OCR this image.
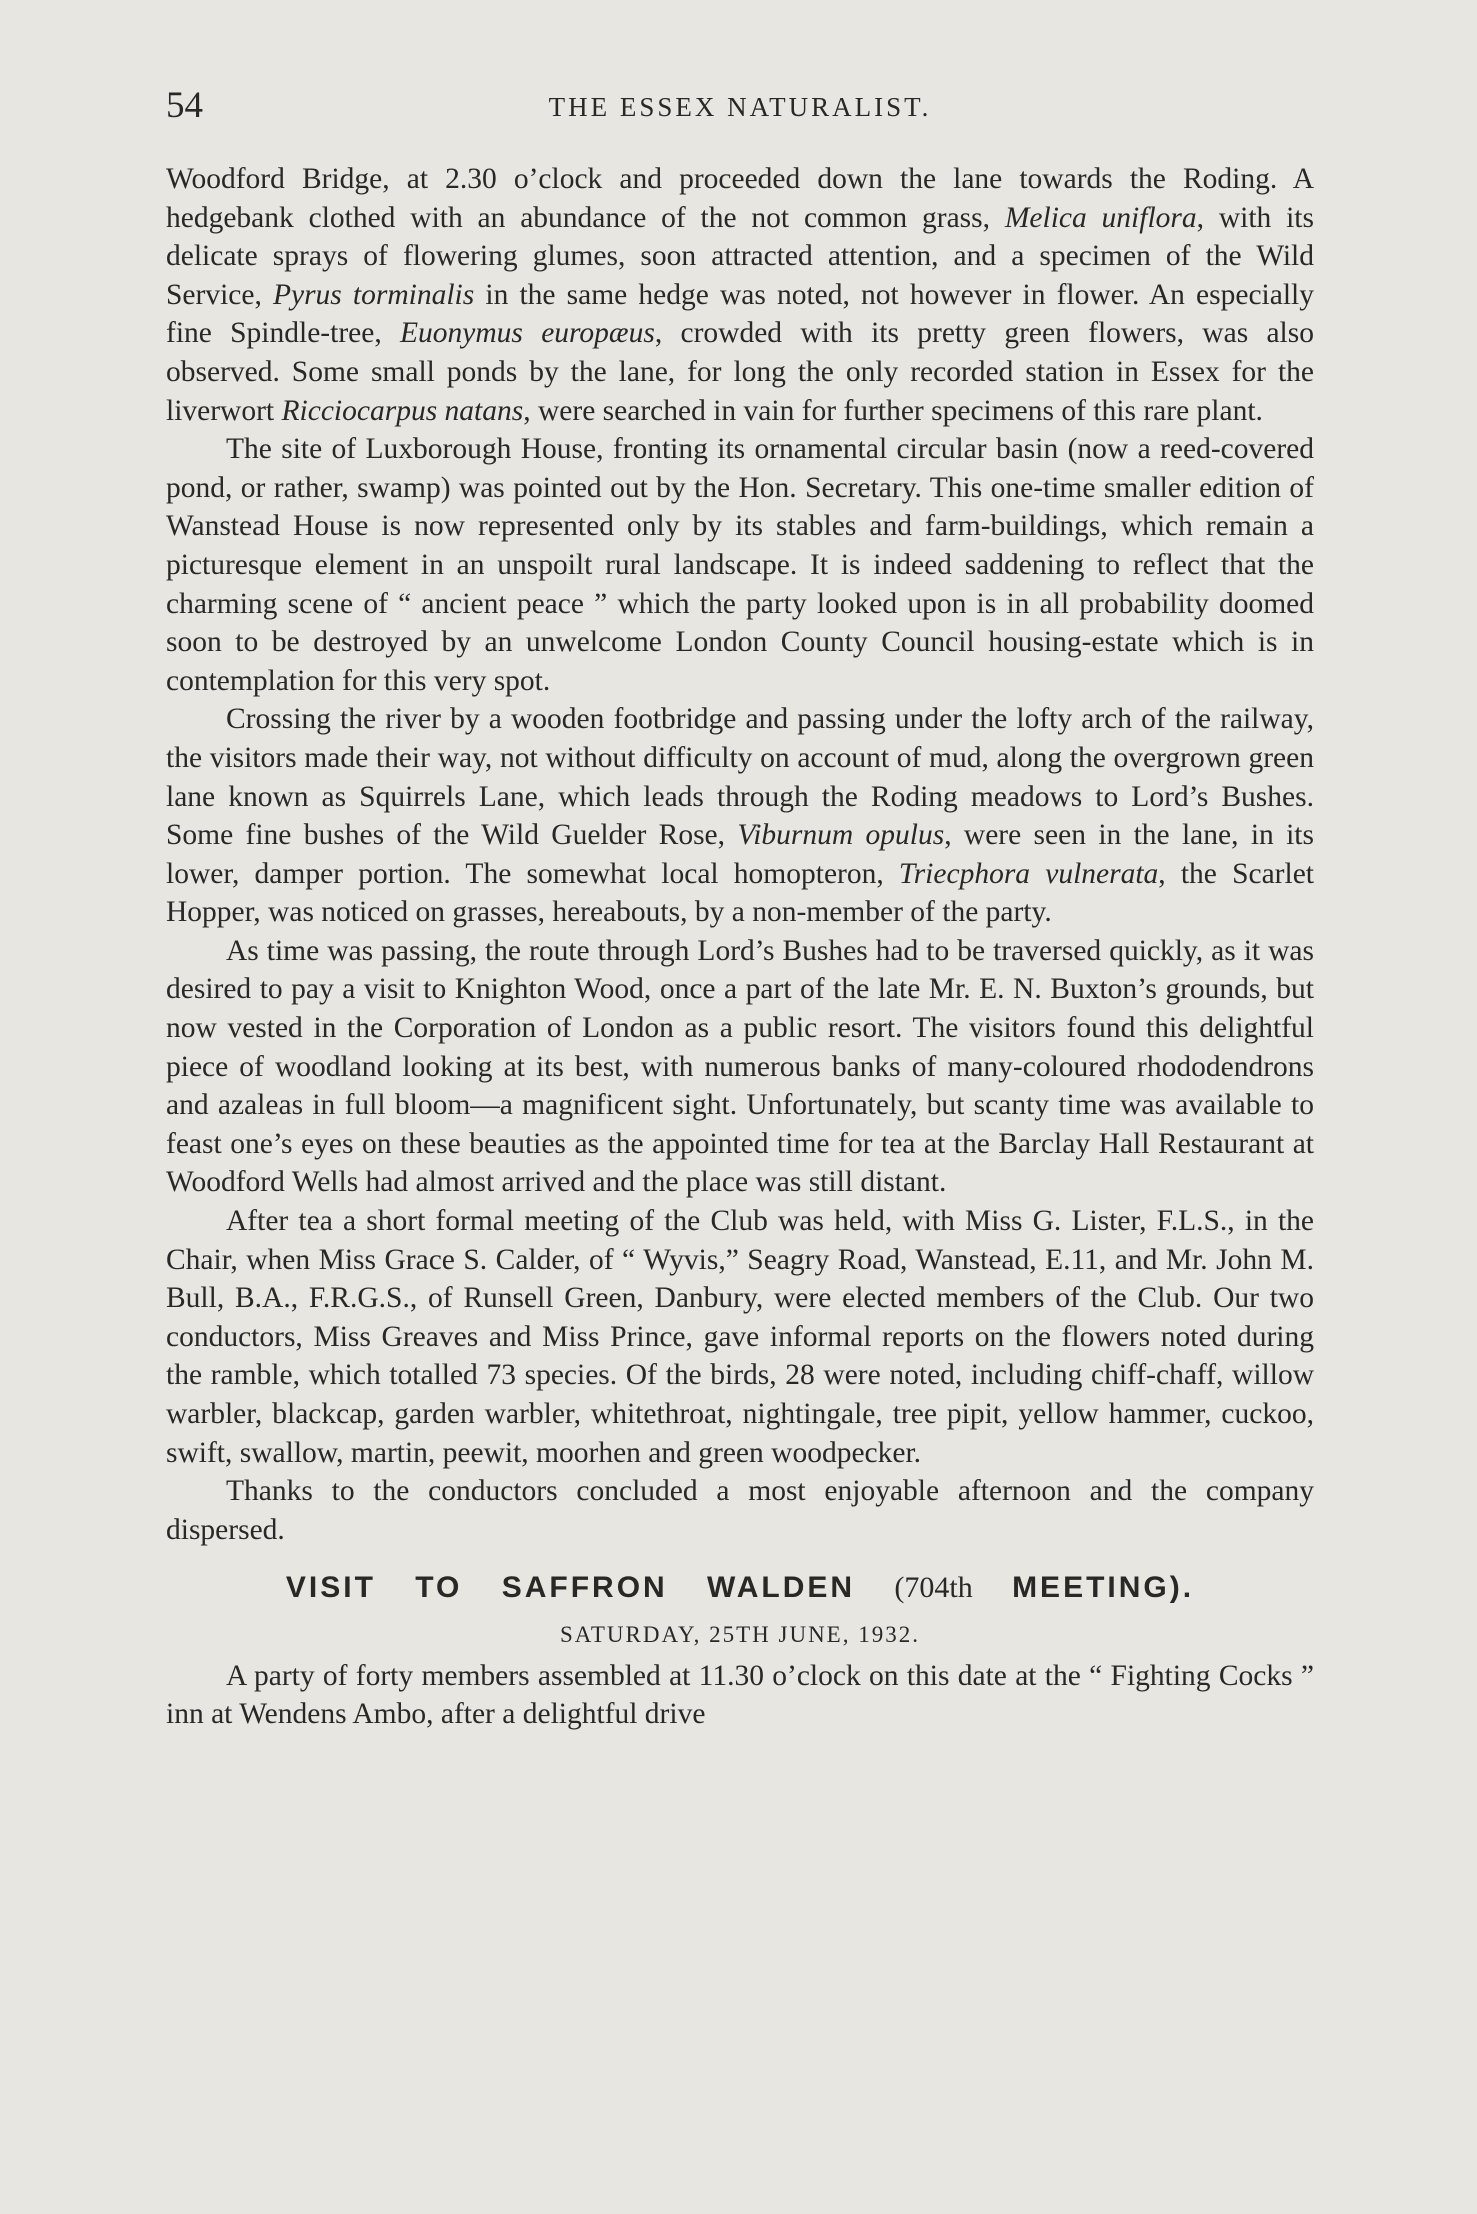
54	THE ESSEX NATURALIST.

Woodford Bridge, at 2.30 o’clock and proceeded down the lane towards the Roding. A hedgebank clothed with an abundance of the not common grass, Melica uniflora, with its delicate sprays of flowering glumes, soon attracted attention, and a specimen of the Wild Service, Pyrus torminalis in the same hedge was noted, not however in flower. An especially fine Spindle-tree, Euonymus europæus, crowded with its pretty green flowers, was also observed. Some small ponds by the lane, for long the only recorded station in Essex for the liverwort Ricciocarpus natans, were searched in vain for further specimens of this rare plant.

The site of Luxborough House, fronting its ornamental circular basin (now a reed-covered pond, or rather, swamp) was pointed out by the Hon. Secretary. This one-time smaller edition of Wanstead House is now represented only by its stables and farm-buildings, which remain a picturesque element in an unspoilt rural landscape. It is indeed saddening to reflect that the charming scene of “ ancient peace ” which the party looked upon is in all probability doomed soon to be destroyed by an unwelcome London County Council housing-estate which is in contemplation for this very spot.

Crossing the river by a wooden footbridge and passing under the lofty arch of the railway, the visitors made their way, not without difficulty on account of mud, along the overgrown green lane known as Squirrels Lane, which leads through the Roding meadows to Lord’s Bushes. Some fine bushes of the Wild Guelder Rose, Viburnum opulus, were seen in the lane, in its lower, damper portion. The somewhat local homopteron, Triecphora vulnerata, the Scarlet Hopper, was noticed on grasses, hereabouts, by a non-member of the party.

As time was passing, the route through Lord’s Bushes had to be traversed quickly, as it was desired to pay a visit to Knighton Wood, once a part of the late Mr. E. N. Buxton’s grounds, but now vested in the Corporation of London as a public resort. The visitors found this delightful piece of woodland looking at its best, with numerous banks of many-coloured rhododendrons and azaleas in full bloom—a magnificent sight. Unfortunately, but scanty time was available to feast one’s eyes on these beauties as the appointed time for tea at the Barclay Hall Restaurant at Woodford Wells had almost arrived and the place was still distant.

After tea a short formal meeting of the Club was held, with Miss G. Lister, F.L.S., in the Chair, when Miss Grace S. Calder, of “ Wyvis,” Seagry Road, Wanstead, E.11, and Mr. John M. Bull, B.A., F.R.G.S., of Runsell Green, Danbury, were elected members of the Club. Our two conductors, Miss Greaves and Miss Prince, gave informal reports on the flowers noted during the ramble, which totalled 73 species. Of the birds, 28 were noted, including chiff-chaff, willow warbler, blackcap, garden warbler, whitethroat, nightingale, tree pipit, yellow hammer, cuckoo, swift, swallow, martin, peewit, moorhen and green woodpecker.

Thanks to the conductors concluded a most enjoyable afternoon and the company dispersed.

VISIT TO SAFFRON WALDEN (704th MEETING).
SATURDAY, 25TH JUNE, 1932.

A party of forty members assembled at 11.30 o’clock on this date at the “ Fighting Cocks ” inn at Wendens Ambo, after a delightful drive
